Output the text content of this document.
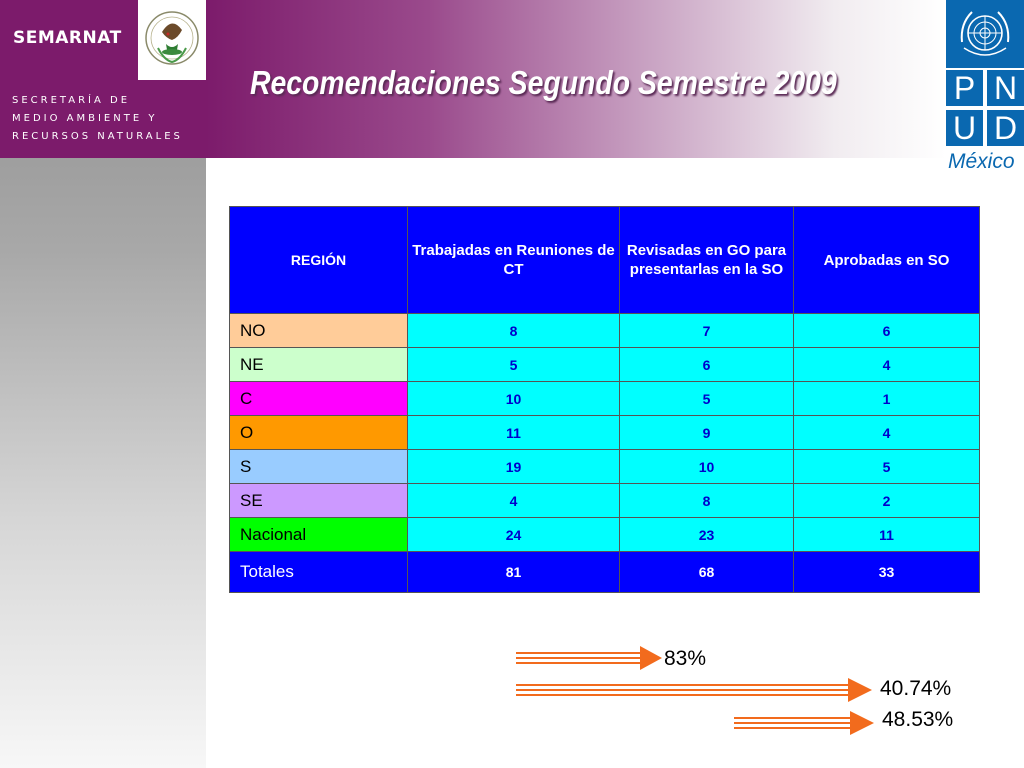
SEMARNAT
SECRETARÍA DE
MEDIO AMBIENTE Y
RECURSOS NATURALES
Recomendaciones Segundo Semestre 2009	P N
U D
México
REGIÓN	Trabajadas en Reuniones de CT	Revisadas en GO para presentarlas en la SO	Aprobadas en SO
NO	8	7	6
NE	5	6	4
C	10	5	1
O	11	9	4
S	19	10	5
SE	4	8	2
Nacional	24	23	11
Totales	81	68	33
83%
40.74%
48.53%
